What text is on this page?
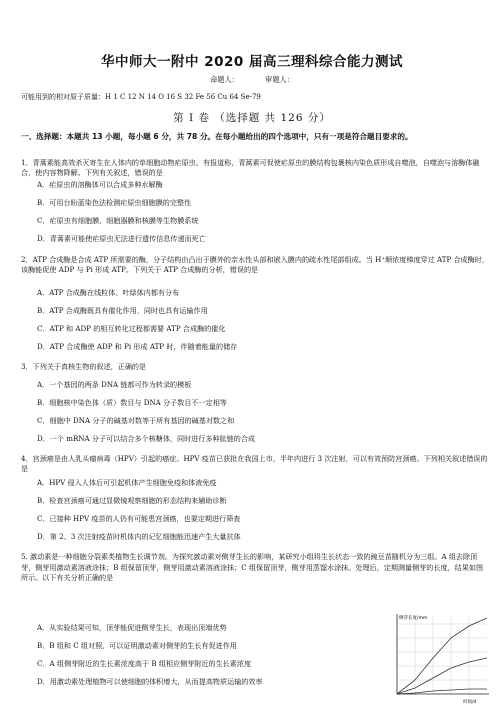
华中师大一附中 2020 届高三理科综合能力测试
命题人：	审题人：
可能用到的相对原子质量：H 1 C 12 N 14 O 16 S 32 Fe 56 Cu 64 Se-79
第 I 卷 （选择题 共 126 分）
一、选择题：本题共 13 小题，每小题 6 分，共 78 分。在每小题给出的四个选项中，只有一项是符合题目要求的。
1．青蒿素能高效杀灭寄生在人体内的单细胞动物疟原虫。有报道称，青蒿素可促使疟原虫的膜结构包裹核内染色质形成自噬泡，自噬泡与溶酶体融合，使内容物降解。下列有关叙述，错误的是
A．疟原虫的溶酶体可以合成多种水解酶
B．可用台盼蓝染色法检测疟原虫细胞膜的完整性
C．疟原虫有细胞膜、细胞器膜和核膜等生物膜系统
D．青蒿素可能使疟原虫无法进行遗传信息传递而死亡
2．ATP 合成酶是合成 ATP 所需要的酶，分子结构由凸出于膜外的亲水性头部和嵌入膜内的疏水性尾部组成。当 H⁺顺浓度梯度穿过 ATP 合成酶时，该酶能促使 ADP 与 Pi 形成 ATP。下列关于 ATP 合成酶的分析，错误的是
A．ATP 合成酶在线粒体、叶绿体内都有分布
B．ATP 合成酶既具有催化作用，同时也具有运输作用
C．ATP 和 ADP 的相互转化过程都需要 ATP 合成酶的催化
D．ATP 合成酶使 ADP 和 Pi 形成 ATP 时，伴随着能量的储存
3．下列关于真核生物的叙述，正确的是
A．一个基因的两条 DNA 链都可作为转录的模板
B．细胞核中染色体（质）数目与 DNA 分子数目不一定相等
C．细胞中 DNA 分子的碱基对数等于所有基因的碱基对数之和
D．一个 mRNA 分子可以结合多个核糖体，同时进行多种肽链的合成
4．宫颈癌是由人乳头瘤病毒（HPV）引起的癌症。HPV 疫苗已获批在我国上市，半年内进行 3 次注射，可以有效预防宫颈癌。下列相关叙述错误的是
A．HPV 侵入人体后可引起机体产生细胞免疫和体液免疫
B．检查宫颈癌可通过显微镜观察细胞的形态结构来辅助诊断
C．已接种 HPV 疫苗的人仍有可能患宫颈癌，也要定期进行筛查
D．第 2、3 次注射疫苗时机体内的记忆细胞能迅速产生大量抗体
5. 激动素是一种细胞分裂素类植物生长调节剂。为探究激动素对侧芽生长的影响，某研究小组将生长状态一致的豌豆苗随机分为三组。A 组去除顶芽，侧芽用激动素溶液涂抹；B 组保留顶芽，侧芽用激动素溶液涂抹；C 组保留顶芽，侧芽用蒸馏水涂抹。处理后，定期测量侧芽的长度，结果如图所示。以下有关分析正确的是
A．从实验结果可知，顶芽能促进侧芽生长，表现出顶端优势
B．B 组和 C 组对照，可以证明激动素对侧芽的生长有促进作用
C．A 组侧芽附近的生长素浓度高于 B 组相应侧芽附近的生长素浓度
D．用激动素处理植物可以使细胞的体积增大，从而提高物质运输的效率
侧芽长度/mm
时间/d
